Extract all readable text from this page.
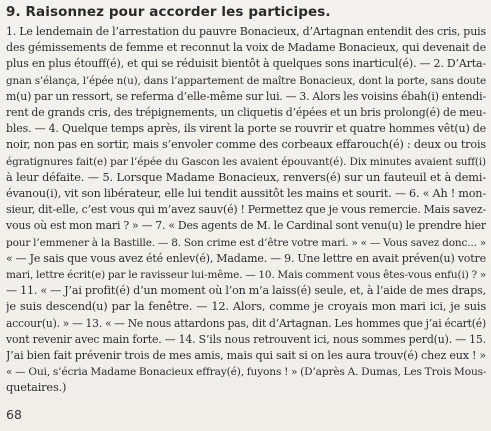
9. Raisonnez pour accorder les participes.
1. Le lendemain de l’arrestation du pauvre Bonacieux, d’Artagnan entendit des cris, puis
des gémissements de femme et reconnut la voix de Madame Bonacieux, qui devenait de
plus en plus étouff(é), et qui se réduisit bientôt à quelques sons inarticul(é). — 2. D’Arta-
gnan s’élança, l’épée n(u), dans l’appartement de maître Bonacieux, dont la porte, sans doute
m(u) par un ressort, se referma d’elle-même sur lui. — 3. Alors les voisins ébah(i) entendi-
rent de grands cris, des trépignements, un cliquetis d’épées et un bris prolong(é) de meu-
bles. — 4. Quelque temps après, ils virent la porte se rouvrir et quatre hommes vêt(u) de
noir, non pas en sortir, mais s’envoler comme des corbeaux effarouch(é) : deux ou trois
égratignures fait(e) par l’épée du Gascon les avaient épouvant(é). Dix minutes avaient suff(i)
à leur défaite. — 5. Lorsque Madame Bonacieux, renvers(é) sur un fauteuil et à demi-
évanou(i), vit son libérateur, elle lui tendit aussitôt les mains et sourit. — 6. « Ah ! mon-
sieur, dit-elle, c’est vous qui m’avez sauv(é) ! Permettez que je vous remercie. Mais savez-
vous où est mon mari ? » — 7. « Des agents de M. le Cardinal sont venu(u) le prendre hier
pour l’emmener à la Bastille. — 8. Son crime est d’être votre mari. » « — Vous savez donc... »
« — Je sais que vous avez été enlev(é), Madame. — 9. Une lettre en avait préven(u) votre
mari, lettre écrit(e) par le ravisseur lui-même. — 10. Mais comment vous êtes-vous enfu(i) ? »
— 11. « — J’ai profit(é) d’un moment où l’on m’a laiss(é) seule, et, à l’aide de mes draps,
je suis descend(u) par la fenêtre. — 12. Alors, comme je croyais mon mari ici, je suis
accour(u). » — 13. « — Ne nous attardons pas, dit d’Artagnan. Les hommes que j’ai écart(é)
vont revenir avec main forte. — 14. S’ils nous retrouvent ici, nous sommes perd(u). — 15.
J’ai bien fait prévenir trois de mes amis, mais qui sait si on les aura trouv(é) chez eux ! »
« — Oui, s’écria Madame Bonacieux effray(é), fuyons ! » (D’après A. Dumas, Les Trois Mous-
quetaires.)
68
